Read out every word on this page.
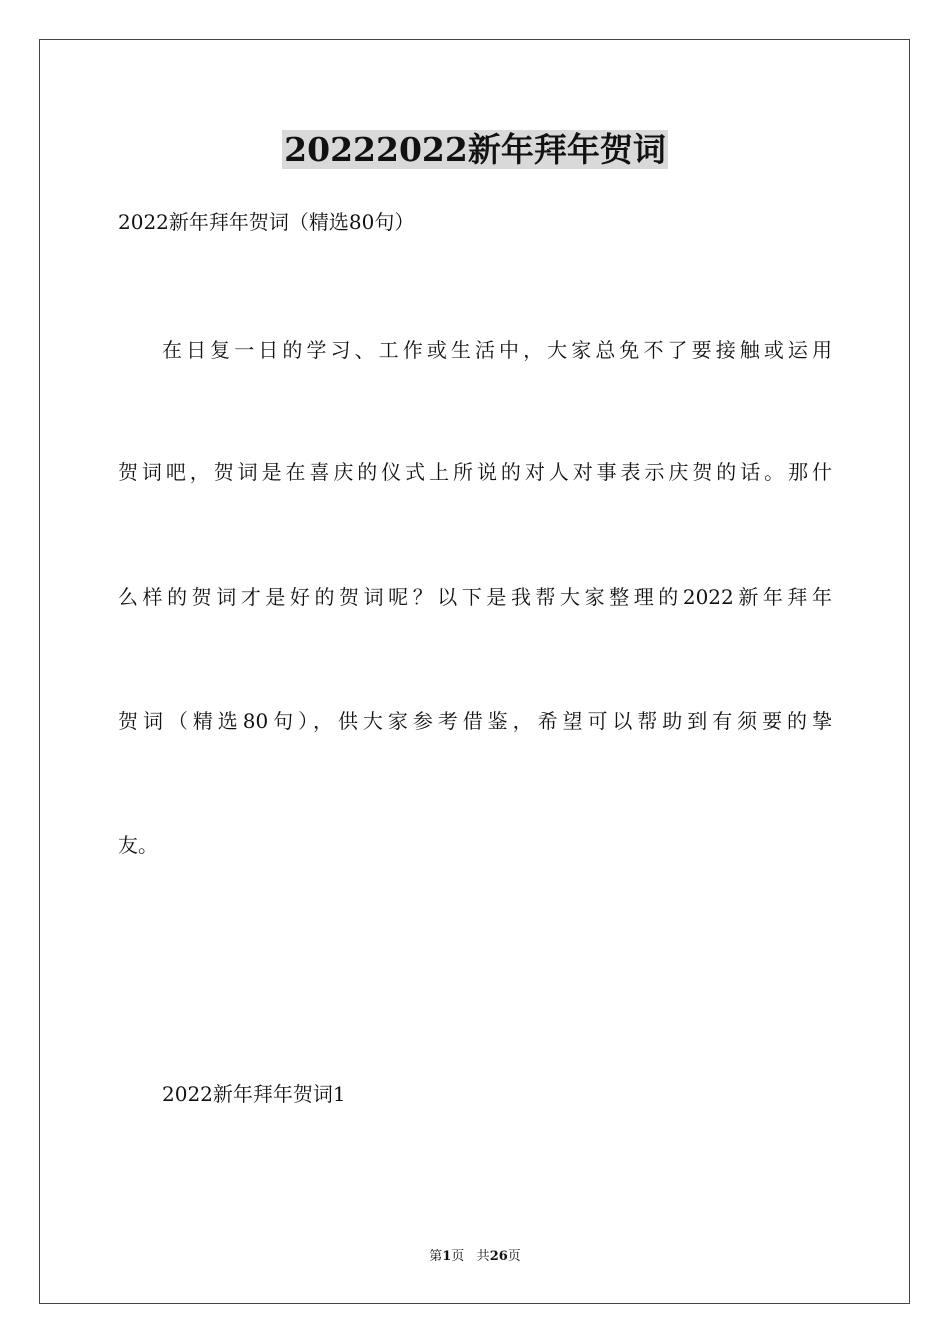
20222022新年拜年贺词
2022新年拜年贺词（精选80句）
在日复一日的学习、工作或生活中，大家总免不了要接触或运用
贺词吧，贺词是在喜庆的仪式上所说的对人对事表示庆贺的话。那什
么样的贺词才是好的贺词呢？以下是我帮大家整理的2022新年拜年
贺词（精选80句），供大家参考借鉴，希望可以帮助到有须要的挚
友。
2022新年拜年贺词1
第1页 共26页
